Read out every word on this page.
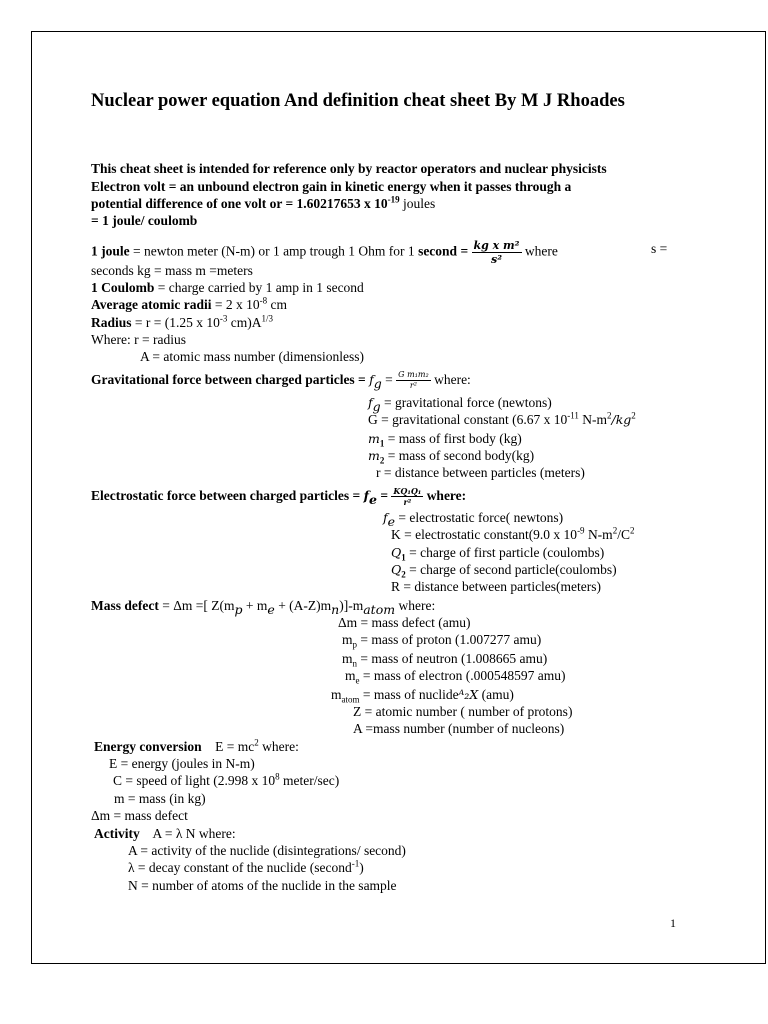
Nuclear power equation And definition cheat sheet By M J Rhoades
This cheat sheet is intended for reference only by reactor operators and nuclear physicists
Electron volt = an unbound electron gain in kinetic energy when it passes through a
potential difference of one volt or = 1.60217653 x $10^{-19}$ joules
= 1 joule/ coulomb
1 joule = newton meter (N-m) or 1 amp trough 1 Ohm for 1 second = $\frac{\text{kg x m²}}{\text{s²}}$ where	s =
seconds kg = mass m =meters
1 Coulomb = charge carried by 1 amp in 1 second
Average atomic radii = 2 x $10^{-8}$ cm
Radius = r = (1.25 x $10^{-3}$ $cm)A^{1/3}$
Where: r = radius
A = atomic mass number (dimensionless)
Gravitational force between charged particles = $f_g = \frac{\text{G m₁m₂}}{\text{r²}}$ where:
$f_g$ = gravitational force (newtons)
G = gravitational constant (6.67 x $10^{-11}$ $N-m^2/kg^2$
$m_1$ = mass of first body (kg)
$m_2$ = mass of second body(kg)
r = distance between particles (meters)
Electrostatic force between charged particles = $f_e = \frac{\text{KQ₁Q₁}}{\text{r²}}$ where:
$f_e$ = electrostatic force( newtons)
K = electrostatic constant(9.0 x $10^{-9}$ $N-m^2/C^2$
$Q_1$ = charge of first particle (coulombs)
$Q_2$ = charge of second particle(coulombs)
R = distance between particles(meters)
Mass defect = Δm =[ $Z(m_p + m_e + (A-Z)m_n)]-m_{atom}$ where:
Δm = mass defect (amu)
$m_p$ = mass of proton (1.007277 amu)
$m_n$ = mass of neutron (1.008665 amu)
$m_e$ = mass of electron (.000548597 amu)
$m_{atom}$ = mass of nuclideᴬ₂X (amu)
Z = atomic number ( number of protons)
A =mass number (number of nucleons)
Energy conversion $E = mc^2$ where:
E = energy (joules in N-m)
C = speed of light (2.998 x $10^8$ meter/sec)
m = mass (in kg)
Δm = mass defect
Activity A = λ N where:
A = activity of the nuclide (disintegrations/ second)
λ = decay constant of the nuclide (second$^{-1}$)
N = number of atoms of the nuclide in the sample
1
